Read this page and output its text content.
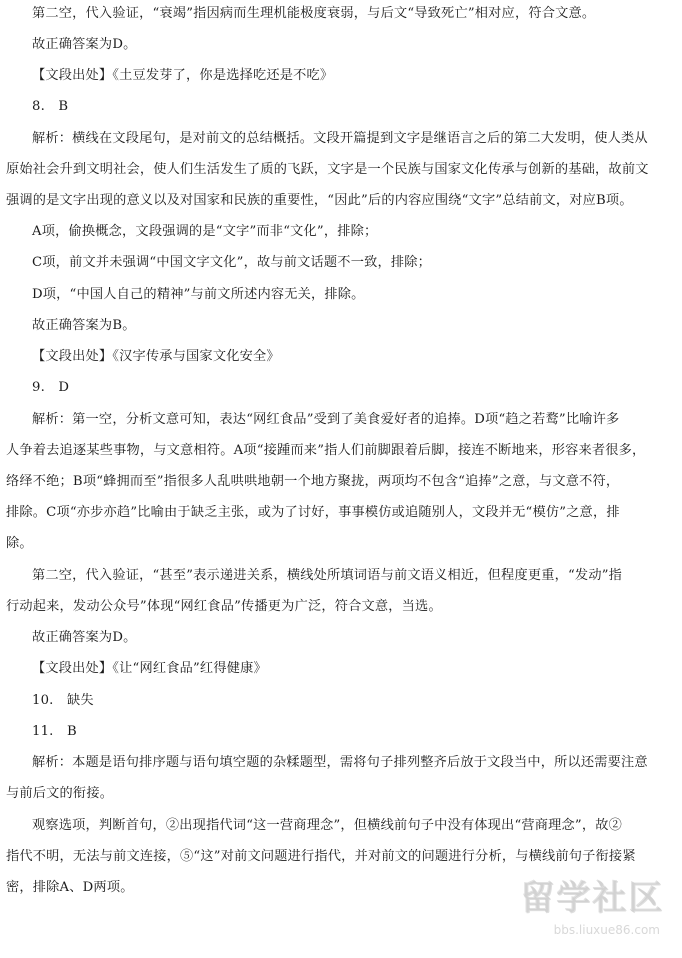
第二空，代入验证，“衰竭”指因病而生理机能极度衰弱，与后文“导致死亡”相对应，符合文意。
故正确答案为D。
【文段出处】《土豆发芽了，你是选择吃还是不吃》
8.　B
解析：横线在文段尾句，是对前文的总结概括。文段开篇提到文字是继语言之后的第二大发明，使人类从
原始社会升到文明社会，使人们生活发生了质的飞跃，文字是一个民族与国家文化传承与创新的基础，故前文
强调的是文字出现的意义以及对国家和民族的重要性，“因此”后的内容应围绕“文字”总结前文，对应B项。
A项，偷换概念，文段强调的是“文字”而非“文化”，排除；
C项，前文并未强调“中国文字文化”，故与前文话题不一致，排除；
D项，“中国人自己的精神”与前文所述内容无关，排除。
故正确答案为B。
【文段出处】《汉字传承与国家文化安全》
9.　D
解析：第一空，分析文意可知，表达“网红食品”受到了美食爱好者的追捧。D项“趋之若鹜”比喻许多
人争着去追逐某些事物，与文意相符。A项“接踵而来”指人们前脚跟着后脚，接连不断地来，形容来者很多，
络绎不绝；B项“蜂拥而至”指很多人乱哄哄地朝一个地方聚拢，两项均不包含“追捧”之意，与文意不符，
排除。C项“亦步亦趋”比喻由于缺乏主张，或为了讨好，事事模仿或追随别人，文段并无“模仿”之意，排
除。
第二空，代入验证，“甚至”表示递进关系，横线处所填词语与前文语义相近，但程度更重，“发动”指
行动起来，发动公众号”体现“网红食品”传播更为广泛，符合文意，当选。
故正确答案为D。
【文段出处】《让“网红食品”红得健康》
10.　缺失
11.　B
解析：本题是语句排序题与语句填空题的杂糅题型，需将句子排列整齐后放于文段当中，所以还需要注意
与前后文的衔接。
观察选项，判断首句，②出现指代词“这一营商理念”，但横线前句子中没有体现出“营商理念”，故②
指代不明，无法与前文连接，⑤“这”对前文问题进行指代，并对前文的问题进行分析，与横线前句子衔接紧
密，排除A、D两项。	留学社区
bbs.liuxue86.com
